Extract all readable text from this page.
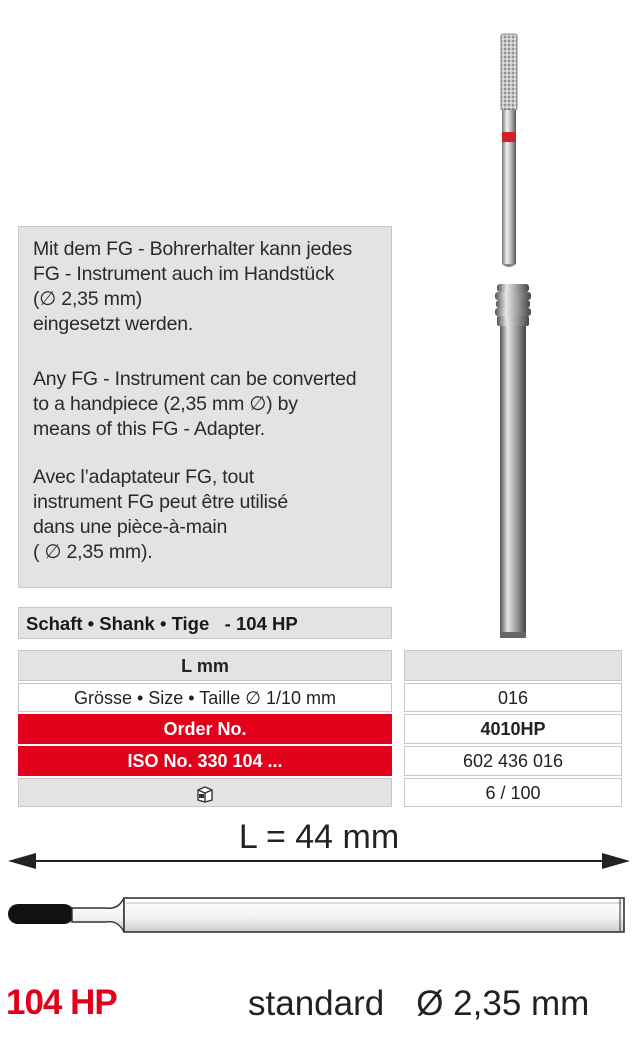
Mit dem FG - Bohrerhalter kann jedes
FG - Instrument auch im Handstück
(∅ 2,35 mm)
eingesetzt werden.
Any FG - Instrument can be converted
to a handpiece (2,35 mm ∅) by
means of this FG - Adapter.
Avec l’adaptateur FG, tout
instrument FG peut être utilisé
dans une pièce-à-main
( ∅ 2,35 mm).
Schaft • Shank • Tige   - 104 HP
L mm
Grösse • Size • Taille ∅ 1/10 mm
Order No.
ISO No. 330 104 ...
016
4010HP
602 436 016
6 / 100
L = 44 mm
104 HP	standard Ø 2,35 mm
